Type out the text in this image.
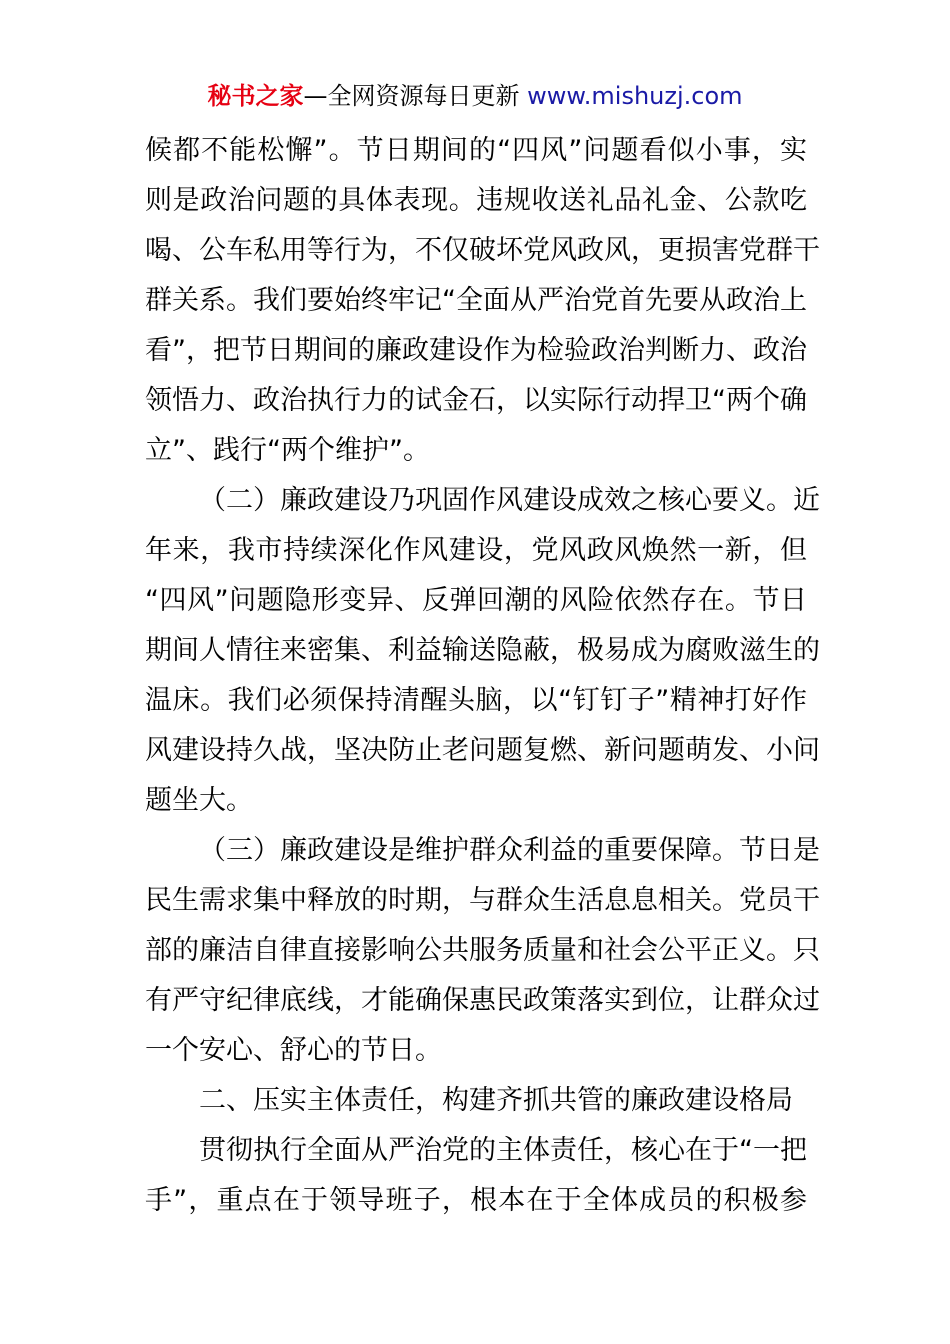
秘书之家—全网资源每日更新 www.mishuzj.com
候都不能松懈”。节日期间的“四风”问题看似小事，实
则是政治问题的具体表现。违规收送礼品礼金、公款吃
喝、公车私用等行为，不仅破坏党风政风，更损害党群干
群关系。我们要始终牢记“全面从严治党首先要从政治上
看”，把节日期间的廉政建设作为检验政治判断力、政治
领悟力、政治执行力的试金石，以实际行动捍卫“两个确
立”、践行“两个维护”。
（二）廉政建设乃巩固作风建设成效之核心要义。近
年来，我市持续深化作风建设，党风政风焕然一新，但
“四风”问题隐形变异、反弹回潮的风险依然存在。节日
期间人情往来密集、利益输送隐蔽，极易成为腐败滋生的
温床。我们必须保持清醒头脑，以“钉钉子”精神打好作
风建设持久战，坚决防止老问题复燃、新问题萌发、小问
题坐大。
（三）廉政建设是维护群众利益的重要保障。节日是
民生需求集中释放的时期，与群众生活息息相关。党员干
部的廉洁自律直接影响公共服务质量和社会公平正义。只
有严守纪律底线，才能确保惠民政策落实到位，让群众过
一个安心、舒心的节日。
二、压实主体责任，构建齐抓共管的廉政建设格局
贯彻执行全面从严治党的主体责任，核心在于“一把
手”，重点在于领导班子，根本在于全体成员的积极参
